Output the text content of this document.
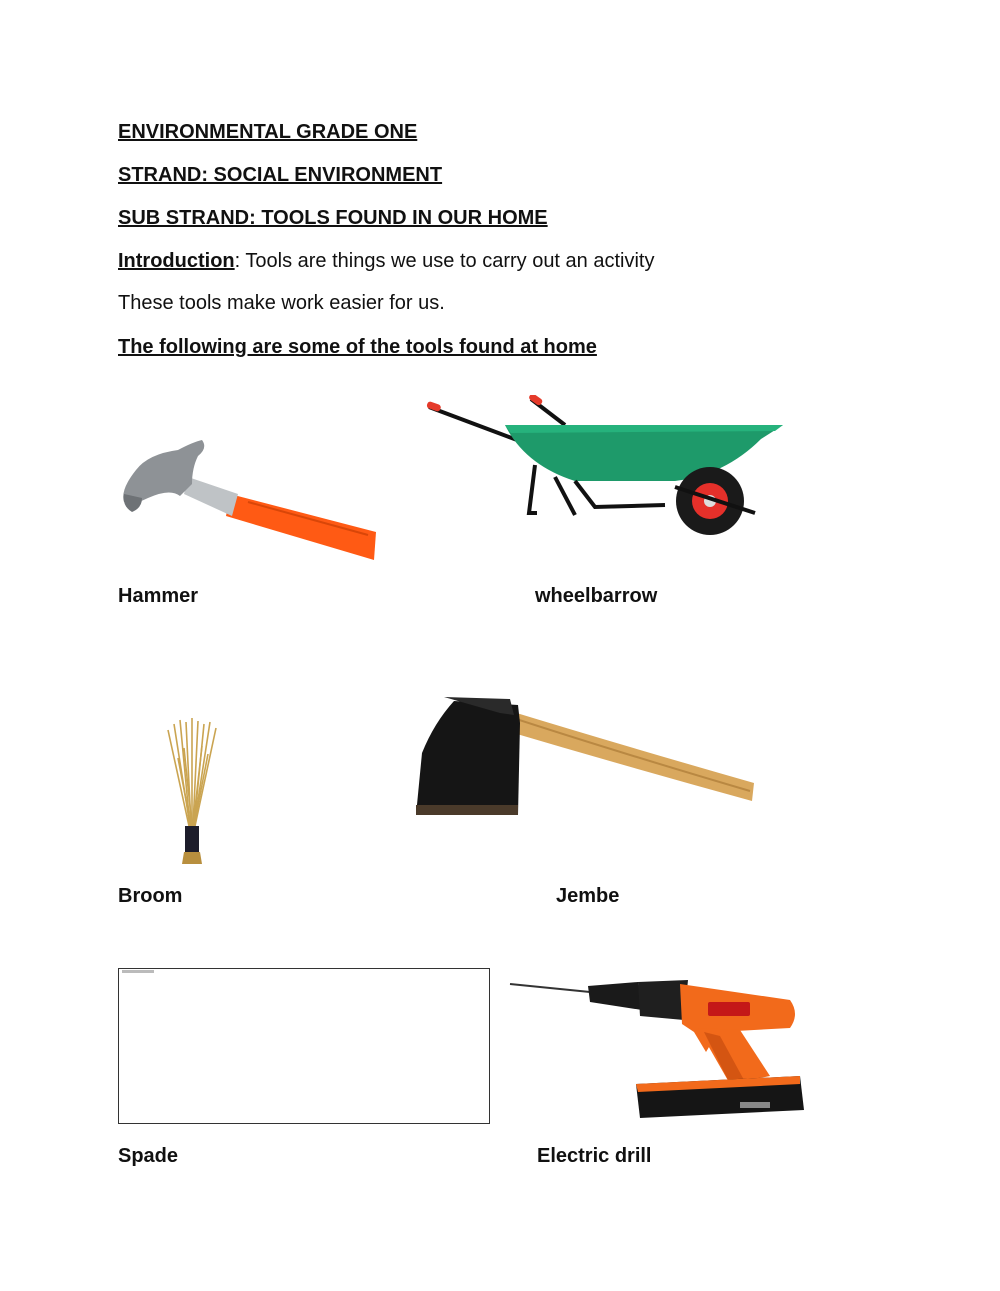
ENVIRONMENTAL GRADE ONE
STRAND: SOCIAL ENVIRONMENT
SUB STRAND: TOOLS FOUND IN OUR HOME
Introduction: Tools are things we use to carry out an activity
These tools make work easier for us.
The following are some of the tools found at home
Hammer	wheelbarrow
Broom	Jembe
Spade	Electric drill
